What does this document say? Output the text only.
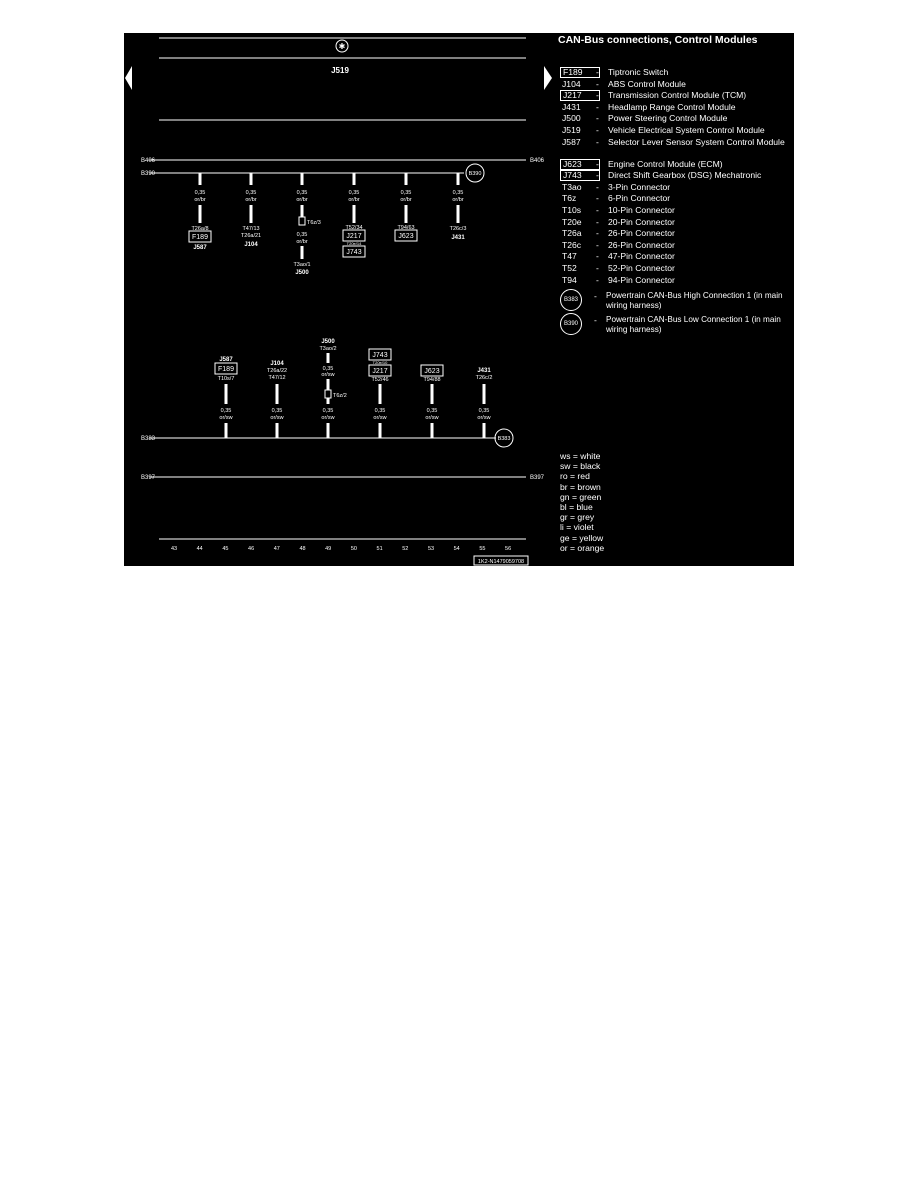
✱
J519
B406	B406
B390	B390
B383	B383
B397	B397
0,35
or/br
T26a/8
F189
J587
0,35
or/br
T47/13
T26a/21
J104
0,35
or/br
T6z/3
0,35
or/br
T3ao/1
J500
0,35
or/br
T52/34
J217
T20e/14
J743
0,35
or/br
T94/63
J623
0,35
or/br
T26c/3
J431
J587
F189
T10s/7
0,35
or/sw
J104
T26a/22
T47/12
0,35
or/sw
J500
T3ao/2
0,35
or/sw
T6z/2
0,35
or/sw
J743
T20e/10
J217
T52/46
0,35
or/sw
J623
T94/88
0,35
or/sw
J431
T26c/2
0,35
or/sw
43	44	45	46	47	48	49	50	51	52	53	54	55	56
1K2-N1479059708
CAN-Bus connections, Control Modules
F189	- Tiptronic Switch
J104	- ABS Control Module
J217	- Transmission Control Module (TCM)
J431	- Headlamp Range Control Module
J500	- Power Steering Control Module
J519	- Vehicle Electrical System Control Module
J587	- Selector Lever Sensor System Control Module
J623	- Engine Control Module (ECM)
J743	- Direct Shift Gearbox (DSG) Mechatronic
T3ao	- 3-Pin Connector
T6z	- 6-Pin Connector
T10s	- 10-Pin Connector
T20e	- 20-Pin Connector
T26a	- 26-Pin Connector
T26c	- 26-Pin Connector
T47	- 47-Pin Connector
T52	- 52-Pin Connector
T94	- 94-Pin Connector
B383	- Powertrain CAN-Bus High Connection 1 (in main wiring harness)
B390	- Powertrain CAN-Bus Low Connection 1 (in main wiring harness)
ws = white
sw = black
ro = red
br = brown
gn = green
bl = blue
gr = grey
li = violet
ge = yellow
or = orange
